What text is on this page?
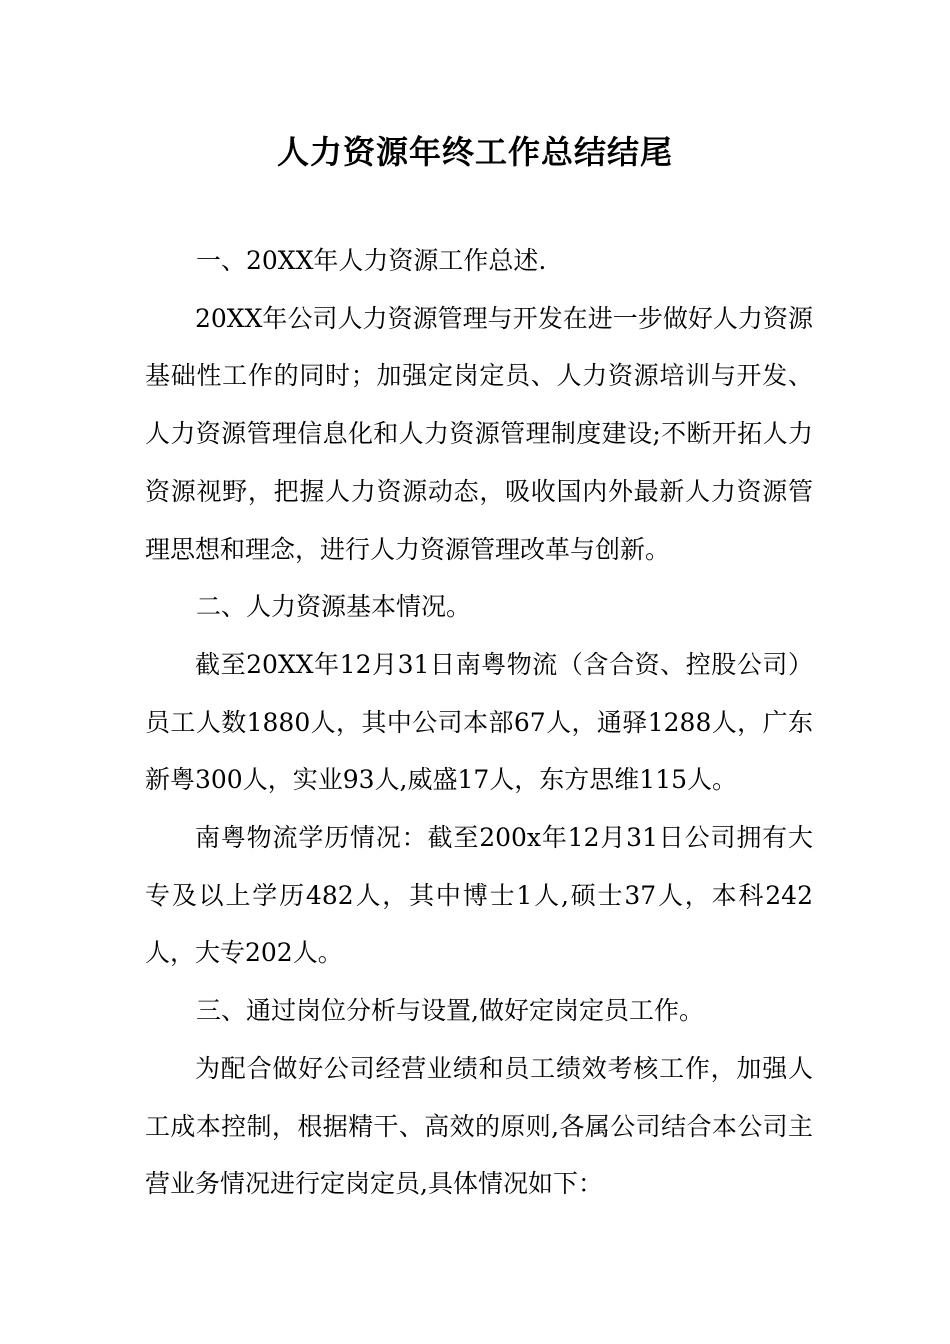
人力资源年终工作总结结尾

一、20XX年人力资源工作总述.

20XX年公司人力资源管理与开发在进一步做好人力资源基础性工作的同时；加强定岗定员、人力资源培训与开发、人力资源管理信息化和人力资源管理制度建设;不断开拓人力资源视野，把握人力资源动态，吸收国内外最新人力资源管理思想和理念，进行人力资源管理改革与创新。

二、人力资源基本情况。

截至20XX年12月31日南粤物流（含合资、控股公司）员工人数1880人，其中公司本部67人，通驿1288人，广东新粤300人，实业93人,威盛17人，东方思维115人。

南粤物流学历情况：截至200x年12月31日公司拥有大专及以上学历482人，其中博士1人,硕士37人，本科242人，大专202人。

三、通过岗位分析与设置,做好定岗定员工作。

为配合做好公司经营业绩和员工绩效考核工作，加强人工成本控制，根据精干、高效的原则,各属公司结合本公司主营业务情况进行定岗定员,具体情况如下：
